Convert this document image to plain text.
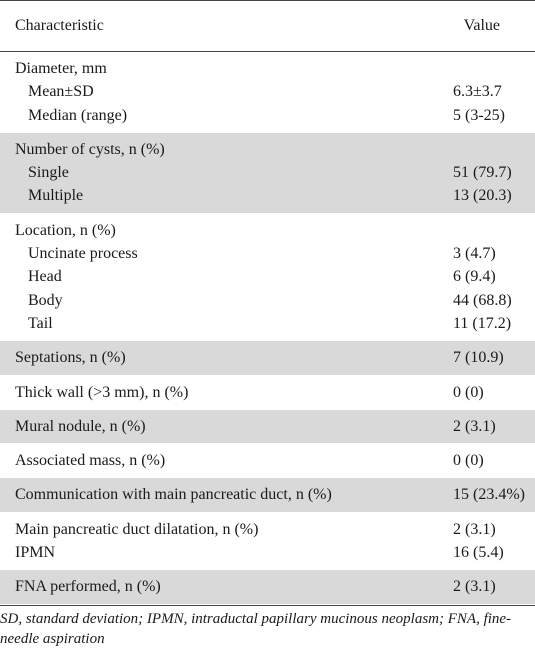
Characteristic	Value
Diameter, mm
Mean±SD	6.3±3.7
Median (range)	5 (3-25)
Number of cysts, n (%)
Single	51 (79.7)
Multiple	13 (20.3)
Location, n (%)
Uncinate process	3 (4.7)
Head	6 (9.4)
Body	44 (68.8)
Tail	11 (17.2)
Septations, n (%)	7 (10.9)
Thick wall (>3 mm), n (%)	0 (0)
Mural nodule, n (%)	2 (3.1)
Associated mass, n (%)	0 (0)
Communication with main pancreatic duct, n (%)	15 (23.4%)
Main pancreatic duct dilatation, n (%)	2 (3.1)
IPMN	16 (5.4)
FNA performed, n (%)	2 (3.1)
SD, standard deviation; IPMN, intraductal papillary mucinous neoplasm; FNA, fine-needle aspiration
